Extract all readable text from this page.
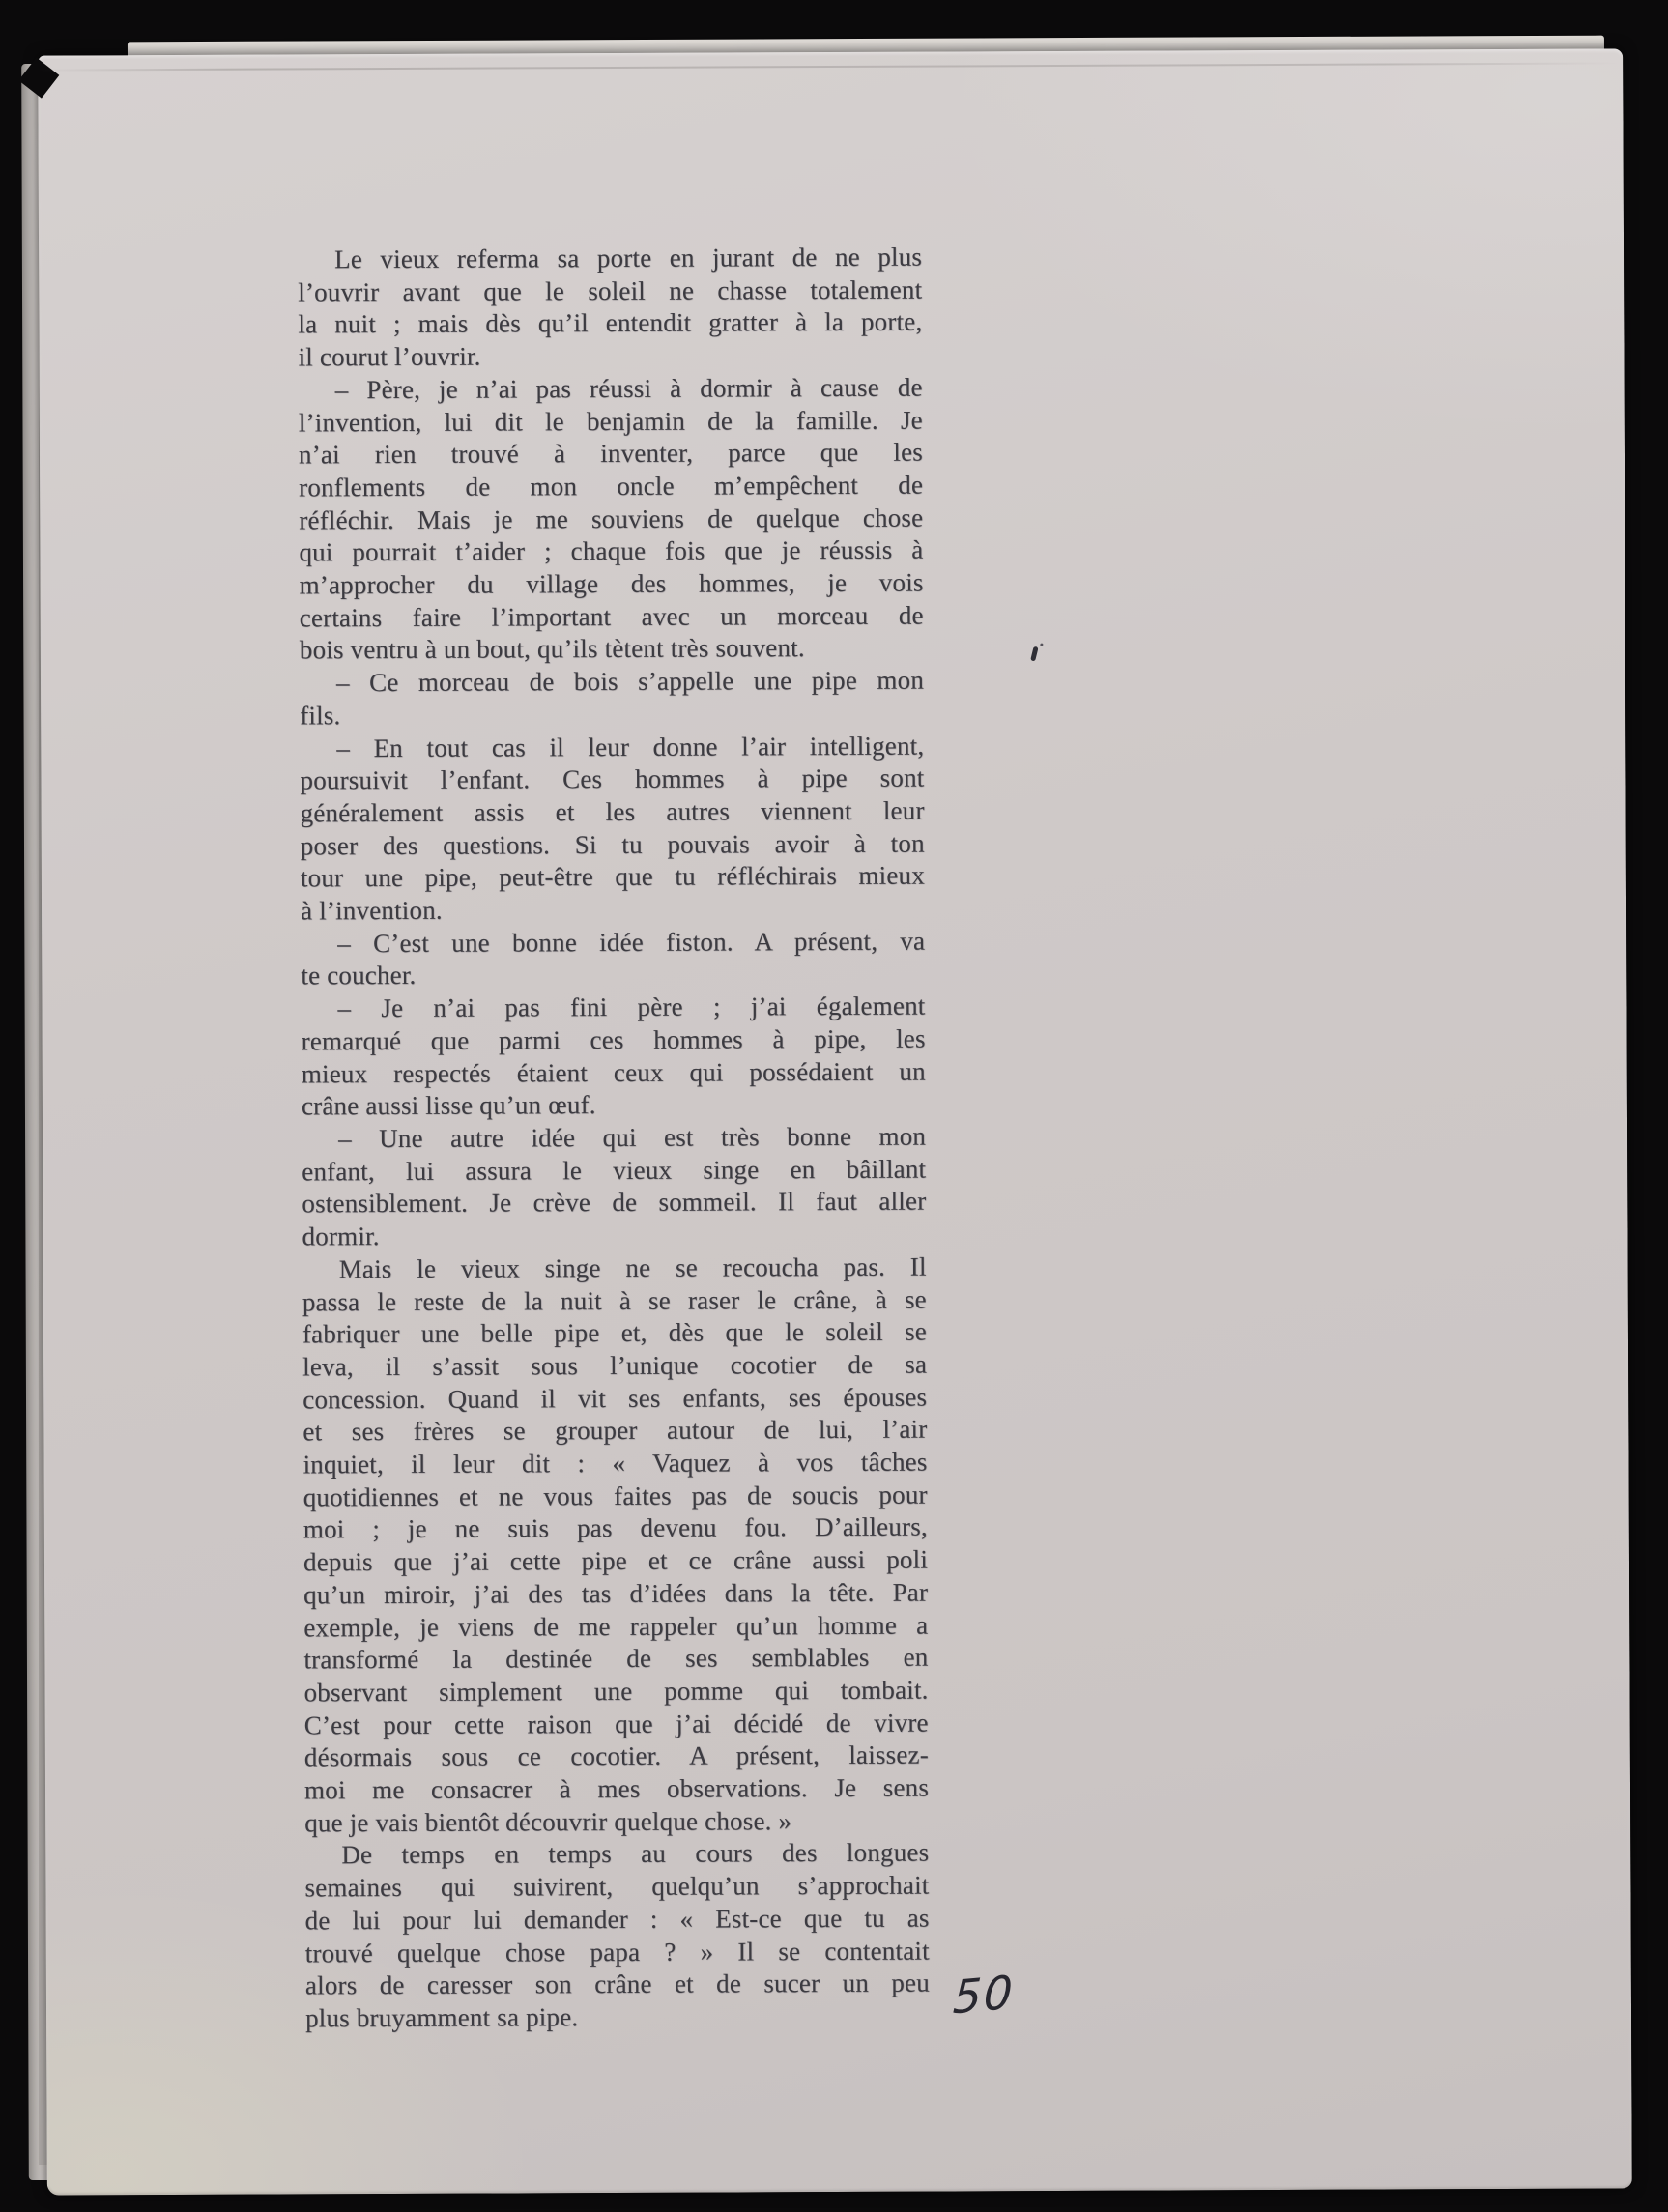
Le vieux referma sa porte en jurant de ne plus
l’ouvrir avant que le soleil ne chasse totalement
la nuit ; mais dès qu’il entendit gratter à la porte,
il courut l’ouvrir.
– Père, je n’ai pas réussi à dormir à cause de
l’invention, lui dit le benjamin de la famille. Je
n’ai rien trouvé à inventer, parce que les
ronflements de mon oncle m’empêchent de
réfléchir. Mais je me souviens de quelque chose
qui pourrait t’aider ; chaque fois que je réussis à
m’approcher du village des hommes, je vois
certains faire l’important avec un morceau de
bois ventru à un bout, qu’ils tètent très souvent.
– Ce morceau de bois s’appelle une pipe mon
fils.
– En tout cas il leur donne l’air intelligent,
poursuivit l’enfant. Ces hommes à pipe sont
généralement assis et les autres viennent leur
poser des questions. Si tu pouvais avoir à ton
tour une pipe, peut-être que tu réfléchirais mieux
à l’invention.
– C’est une bonne idée fiston. A présent, va
te coucher.
– Je n’ai pas fini père ; j’ai également
remarqué que parmi ces hommes à pipe, les
mieux respectés étaient ceux qui possédaient un
crâne aussi lisse qu’un œuf.
– Une autre idée qui est très bonne mon
enfant, lui assura le vieux singe en bâillant
ostensiblement. Je crève de sommeil. Il faut aller
dormir.
Mais le vieux singe ne se recoucha pas. Il
passa le reste de la nuit à se raser le crâne, à se
fabriquer une belle pipe et, dès que le soleil se
leva, il s’assit sous l’unique cocotier de sa
concession. Quand il vit ses enfants, ses épouses
et ses frères se grouper autour de lui, l’air
inquiet, il leur dit : « Vaquez à vos tâches
quotidiennes et ne vous faites pas de soucis pour
moi ; je ne suis pas devenu fou. D’ailleurs,
depuis que j’ai cette pipe et ce crâne aussi poli
qu’un miroir, j’ai des tas d’idées dans la tête. Par
exemple, je viens de me rappeler qu’un homme a
transformé la destinée de ses semblables en
observant simplement une pomme qui tombait.
C’est pour cette raison que j’ai décidé de vivre
désormais sous ce cocotier. A présent, laissez-
moi me consacrer à mes observations. Je sens
que je vais bientôt découvrir quelque chose. »
De temps en temps au cours des longues
semaines qui suivirent, quelqu’un s’approchait
de lui pour lui demander : « Est-ce que tu as
trouvé quelque chose papa ? » Il se contentait
alors de caresser son crâne et de sucer un peu
plus bruyamment sa pipe.	50
